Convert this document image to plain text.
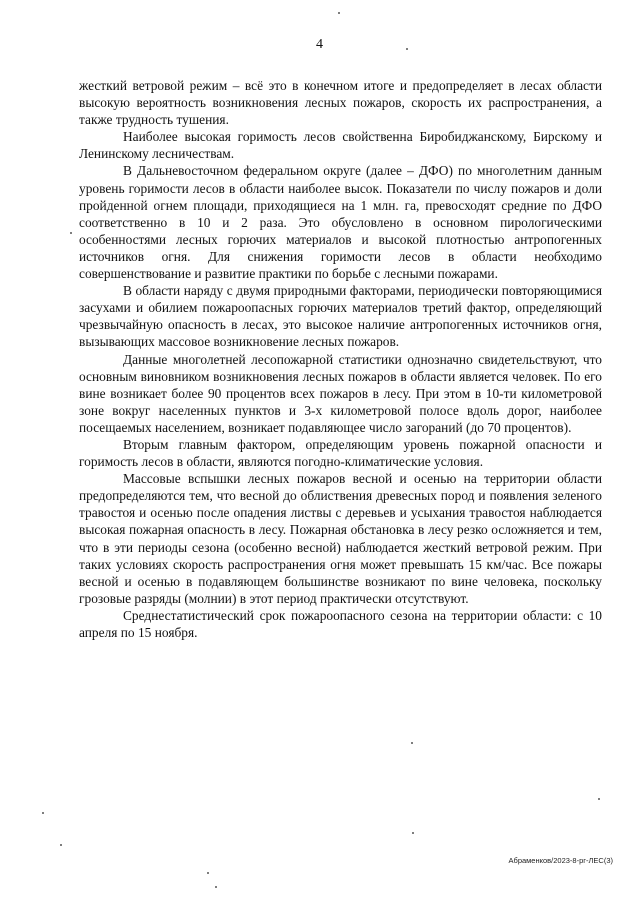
4

жесткий ветровой режим – всё это в конечном итоге и предопределяет в лесах области высокую вероятность возникновения лесных пожаров, скорость их распространения, а также трудность тушения.

Наиболее высокая горимость лесов свойственна Биробиджанскому, Бирскому и Ленинскому лесничествам.

В Дальневосточном федеральном округе (далее – ДФО) по многолетним данным уровень горимости лесов в области наиболее высок. Показатели по числу пожаров и доли пройденной огнем площади, приходящиеся на 1 млн. га, превосходят средние по ДФО соответственно в 10 и 2 раза. Это обусловлено в основном пирологическими особенностями лесных горючих материалов и высокой плотностью антропогенных источников огня. Для снижения горимости лесов в области необходимо совершенствование и развитие практики по борьбе с лесными пожарами.

В области наряду с двумя природными факторами, периодически повторяющимися засухами и обилием пожароопасных горючих материалов третий фактор, определяющий чрезвычайную опасность в лесах, это высокое наличие антропогенных источников огня, вызывающих массовое возникновение лесных пожаров.

Данные многолетней лесопожарной статистики однозначно свидетельствуют, что основным виновником возникновения лесных пожаров в области является человек. По его вине возникает более 90 процентов всех пожаров в лесу. При этом в 10-ти километровой зоне вокруг населенных пунктов и 3-х километровой полосе вдоль дорог, наиболее посещаемых населением, возникает подавляющее число загораний (до 70 процентов).

Вторым главным фактором, определяющим уровень пожарной опасности и горимость лесов в области, являются погодно-климатические условия.

Массовые вспышки лесных пожаров весной и осенью на территории области предопределяются тем, что весной до облиствения древесных пород и появления зеленого травостоя и осенью после опадения листвы с деревьев и усыхания травостоя наблюдается высокая пожарная опасность в лесу. Пожарная обстановка в лесу резко осложняется и тем, что в эти периоды сезона (особенно весной) наблюдается жесткий ветровой режим. При таких условиях скорость распространения огня может превышать 15 км/час. Все пожары весной и осенью в подавляющем большинстве возникают по вине человека, поскольку грозовые разряды (молнии) в этот период практически отсутствуют.

Среднестатистический срок пожароопасного сезона на территории области: с 10 апреля по 15 ноября.

Абраменков/2023-8-рг-ЛЕС(3)
